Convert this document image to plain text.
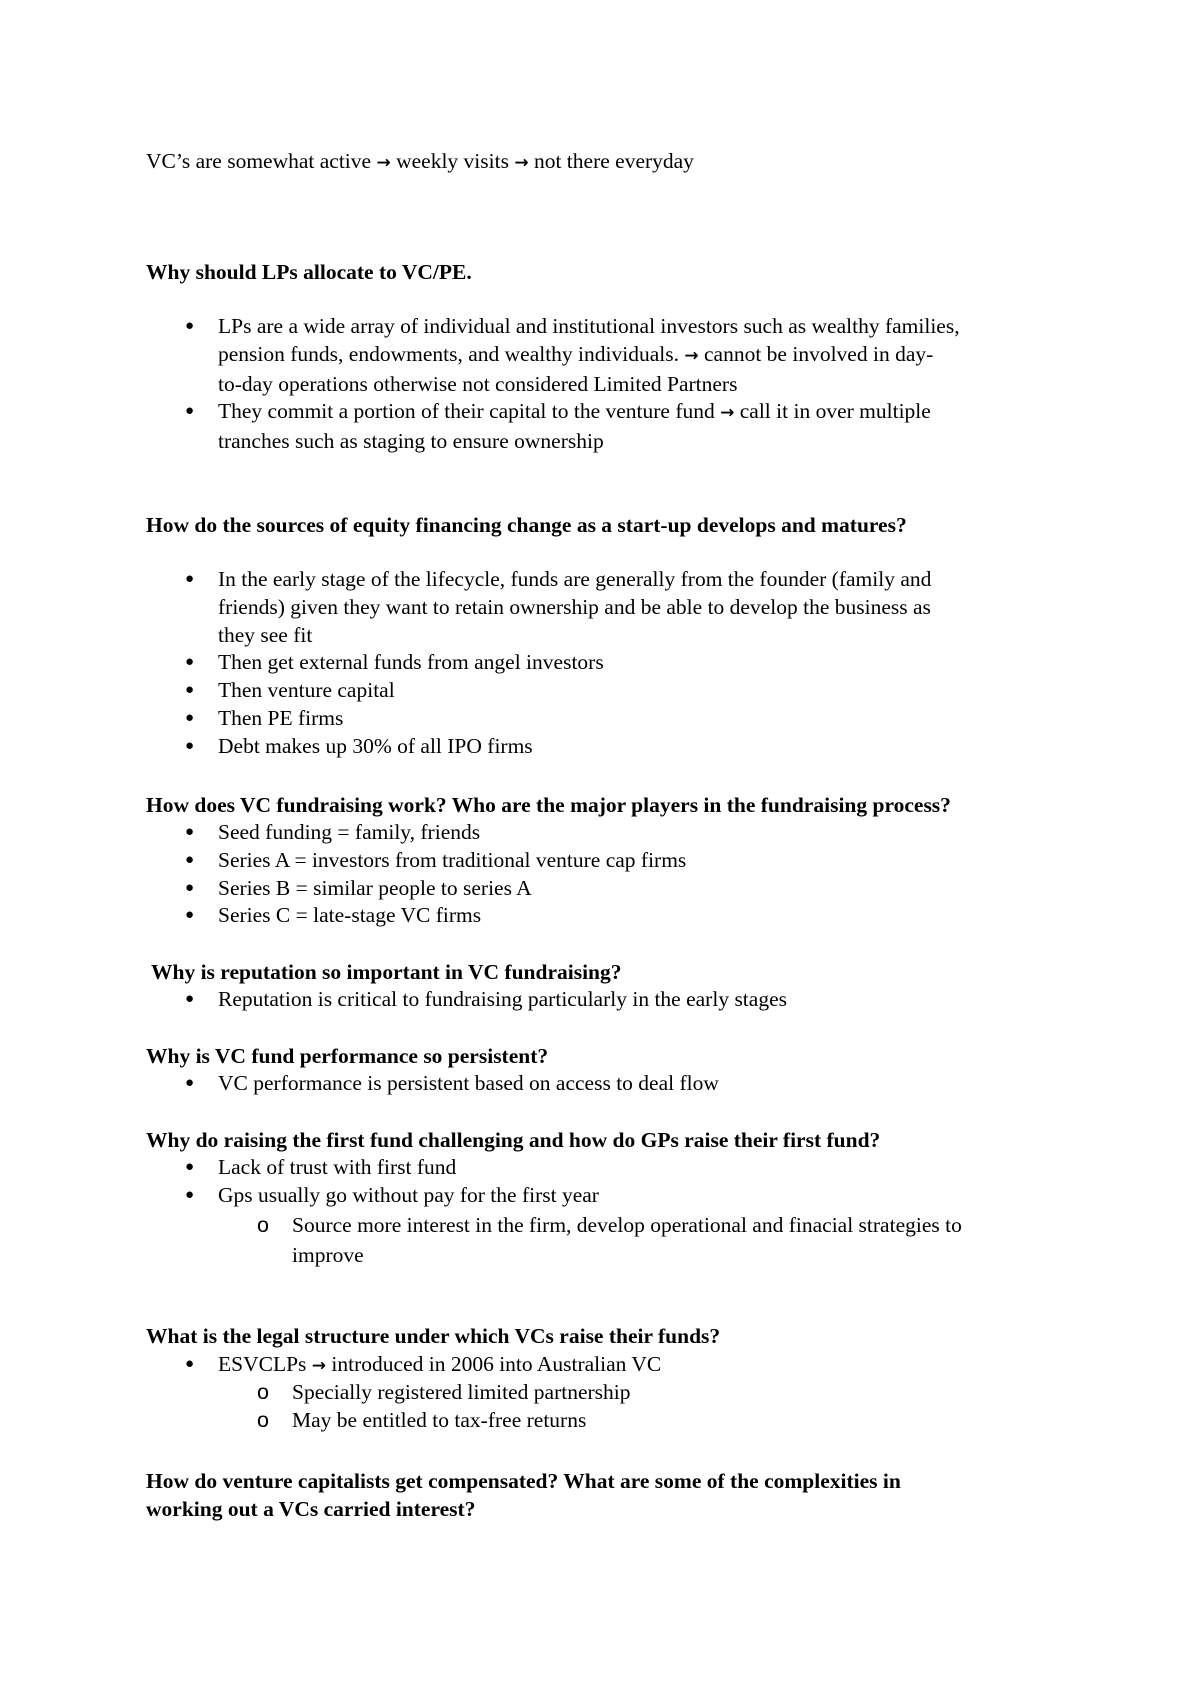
VC’s are somewhat active → weekly visits → not there everyday

Why should LPs allocate to VC/PE.

● LPs are a wide array of individual and institutional investors such as wealthy families,
pension funds, endowments, and wealthy individuals. → cannot be involved in day-
to-day operations otherwise not considered Limited Partners
● They commit a portion of their capital to the venture fund → call it in over multiple
tranches such as staging to ensure ownership

How do the sources of equity financing change as a start-up develops and matures?

● In the early stage of the lifecycle, funds are generally from the founder (family and
friends) given they want to retain ownership and be able to develop the business as
they see fit
● Then get external funds from angel investors
● Then venture capital
● Then PE firms
● Debt makes up 30% of all IPO firms

How does VC fundraising work? Who are the major players in the fundraising process?

● Seed funding = family, friends
● Series A = investors from traditional venture cap firms
● Series B = similar people to series A
● Series C = late-stage VC firms

Why is reputation so important in VC fundraising?

● Reputation is critical to fundraising particularly in the early stages

Why is VC fund performance so persistent?

● VC performance is persistent based on access to deal flow

Why do raising the first fund challenging and how do GPs raise their first fund?

● Lack of trust with first fund
● Gps usually go without pay for the first year
o Source more interest in the firm, develop operational and finacial strategies to
improve

What is the legal structure under which VCs raise their funds?

● ESVCLPs → introduced in 2006 into Australian VC
o Specially registered limited partnership
o May be entitled to tax-free returns

How do venture capitalists get compensated? What are some of the complexities in
working out a VCs carried interest?
